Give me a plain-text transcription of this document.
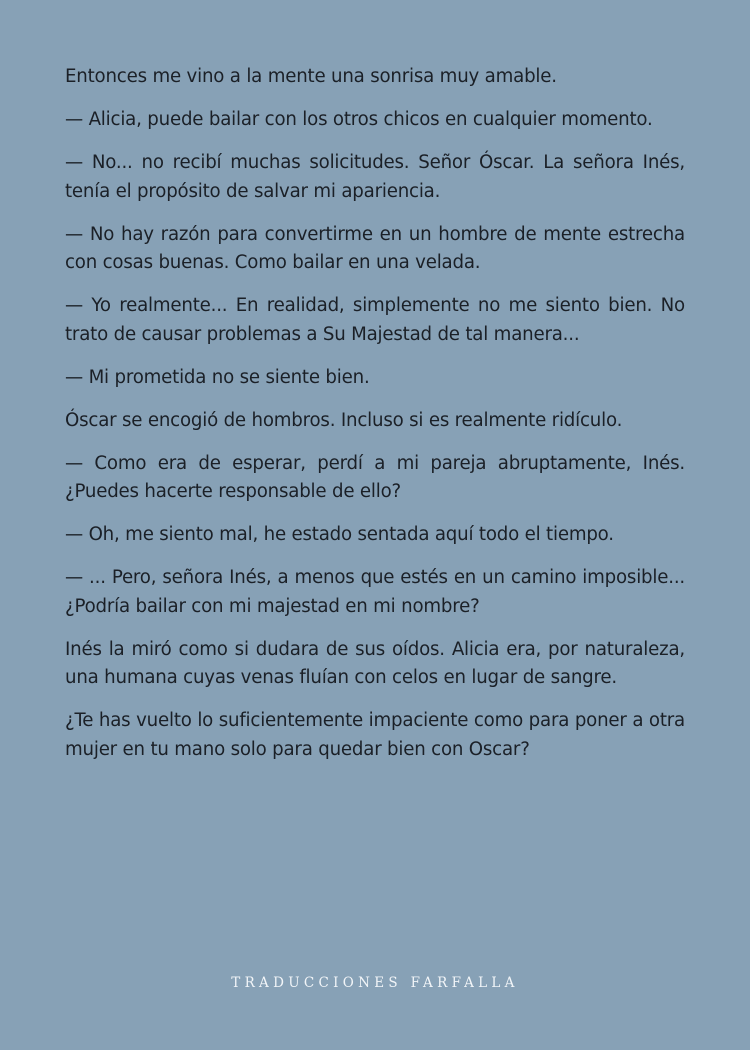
Entonces me vino a la mente una sonrisa muy amable.

— Alicia, puede bailar con los otros chicos en cualquier momento.

— No... no recibí muchas solicitudes. Señor Óscar. La señora Inés, tenía el propósito de salvar mi apariencia.

— No hay razón para convertirme en un hombre de mente estrecha con cosas buenas. Como bailar en una velada.

— Yo realmente... En realidad, simplemente no me siento bien. No trato de causar problemas a Su Majestad de tal manera...

— Mi prometida no se siente bien.

Óscar se encogió de hombros. Incluso si es realmente ridículo.

— Como era de esperar, perdí a mi pareja abruptamente, Inés. ¿Puedes hacerte responsable de ello?

— Oh, me siento mal, he estado sentada aquí todo el tiempo.

— ... Pero, señora Inés, a menos que estés en un camino imposible... ¿Podría bailar con mi majestad en mi nombre?

Inés la miró como si dudara de sus oídos. Alicia era, por naturaleza, una humana cuyas venas fluían con celos en lugar de sangre.

¿Te has vuelto lo suficientemente impaciente como para poner a otra mujer en tu mano solo para quedar bien con Oscar?

TRADUCCIONES FARFALLA
